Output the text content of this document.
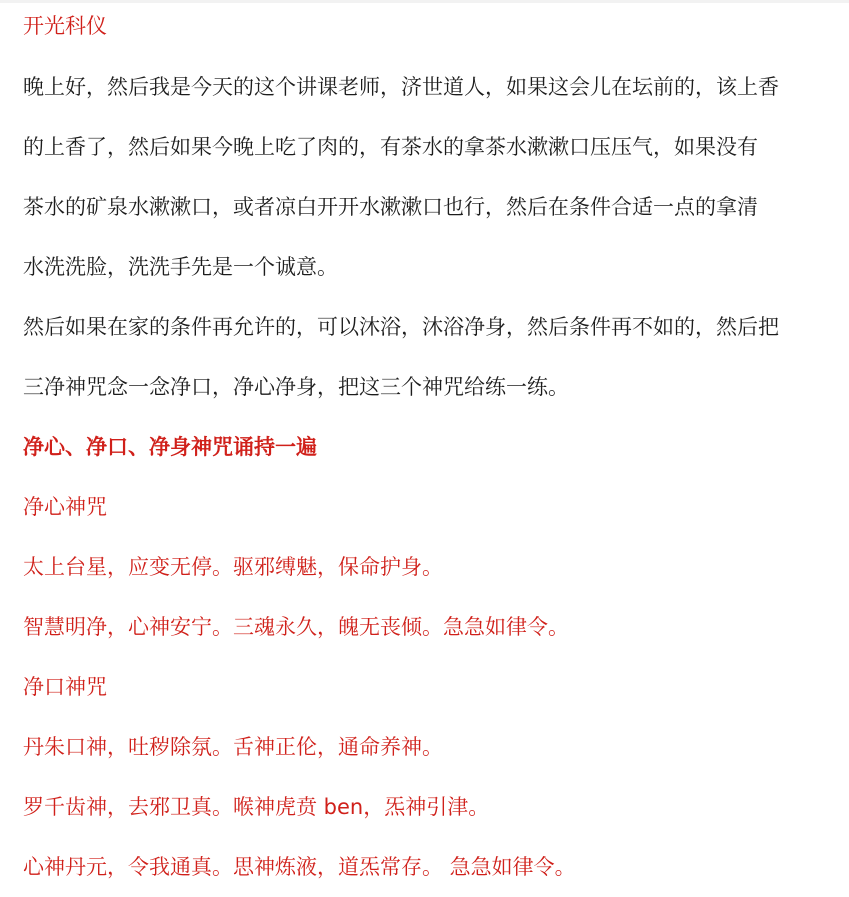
开光科仪
晚上好，然后我是今天的这个讲课老师，济世道人，如果这会儿在坛前的，该上香
的上香了，然后如果今晚上吃了肉的，有茶水的拿茶水漱漱口压压气，如果没有
茶水的矿泉水漱漱口，或者凉白开开水漱漱口也行，然后在条件合适一点的拿清
水洗洗脸，洗洗手先是一个诚意。
然后如果在家的条件再允许的，可以沐浴，沐浴净身，然后条件再不如的，然后把
三净神咒念一念净口，净心净身，把这三个神咒给练一练。
净心、净口、净身神咒诵持一遍
净心神咒
太上台星，应变无停。驱邪缚魅，保命护身。
智慧明净，心神安宁。三魂永久，魄无丧倾。急急如律令。
净口神咒
丹朱口神，吐秽除氛。舌神正伦，通命养神。
罗千齿神，去邪卫真。喉神虎贲 ben，炁神引津。
心神丹元，令我通真。思神炼液，道炁常存。 急急如律令。
